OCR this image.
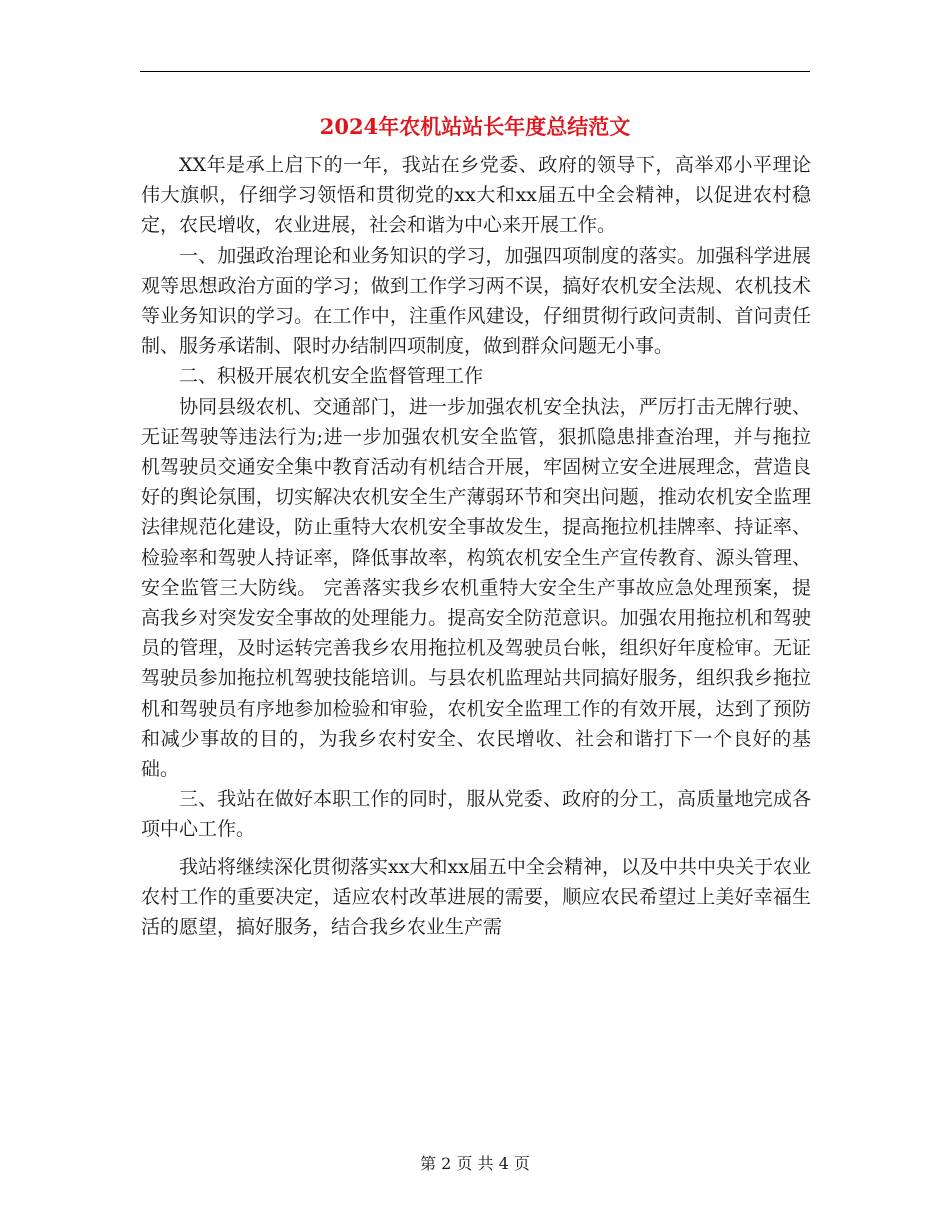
2024年农机站站长年度总结范文

XX年是承上启下的一年，我站在乡党委、政府的领导下，高举邓小平理论伟大旗帜，仔细学习领悟和贯彻党的xx大和xx届五中全会精神，以促进农村稳定，农民增收，农业进展，社会和谐为中心来开展工作。

一、加强政治理论和业务知识的学习，加强四项制度的落实。加强科学进展观等思想政治方面的学习；做到工作学习两不误，搞好农机安全法规、农机技术等业务知识的学习。在工作中，注重作风建设，仔细贯彻行政问责制、首问责任制、服务承诺制、限时办结制四项制度，做到群众问题无小事。

二、积极开展农机安全监督管理工作

协同县级农机、交通部门，进一步加强农机安全执法，严厉打击无牌行驶、无证驾驶等违法行为;进一步加强农机安全监管，狠抓隐患排查治理，并与拖拉机驾驶员交通安全集中教育活动有机结合开展，牢固树立安全进展理念，营造良好的舆论氛围，切实解决农机安全生产薄弱环节和突出问题，推动农机安全监理法律规范化建设，防止重特大农机安全事故发生，提高拖拉机挂牌率、持证率、检验率和驾驶人持证率，降低事故率，构筑农机安全生产宣传教育、源头管理、安全监管三大防线。 完善落实我乡农机重特大安全生产事故应急处理预案，提高我乡对突发安全事故的处理能力。提高安全防范意识。加强农用拖拉机和驾驶员的管理，及时运转完善我乡农用拖拉机及驾驶员台帐，组织好年度检审。无证驾驶员参加拖拉机驾驶技能培训。与县农机监理站共同搞好服务，组织我乡拖拉机和驾驶员有序地参加检验和审验，农机安全监理工作的有效开展，达到了预防和减少事故的目的，为我乡农村安全、农民增收、社会和谐打下一个良好的基础。

三、我站在做好本职工作的同时，服从党委、政府的分工，高质量地完成各项中心工作。

我站将继续深化贯彻落实xx大和xx届五中全会精神，以及中共中央关于农业农村工作的重要决定，适应农村改革进展的需要，顺应农民希望过上美好幸福生活的愿望，搞好服务，结合我乡农业生产需

第 2 页 共 4 页
